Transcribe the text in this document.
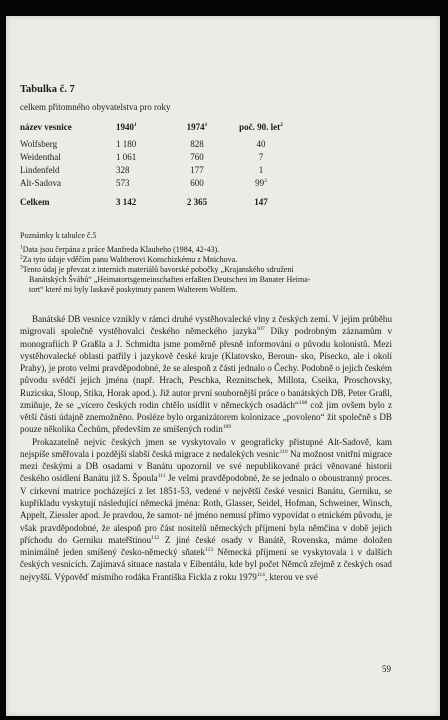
Tabulka č. 7
celkem přítomného obyvatelstva pro roky
název vesnice	1940$^1$	1974$^1$	poč. 90. let$^2$
Wolfsberg	1 180	828	40
Weidenthal	1 061	760	7
Lindenfeld	328	177	1
Alt-Sadova	573	600	$99^3$
Celkem	3 142	2 365	147
Poznámky k tabulce č.5
$^1$Data jsou čerpána z práce Manfreda Klaubeho (1984, 42-43).
$^2$Za tyto údaje vděčím panu Waltherovi Konschizkému z Mnichova.
$^3$Tento údaj je převzat z interních materiálů bavorské pobočky „Krajanského sdružení
Banátských Švábů“ „Heimatortsgemeinschaften erfaßten Deutschen im Banater Heima-
tort“ které mi byly laskavě poskytnuty panem Walterem Wolfem.

Banátské DB vesnice vznikly v rámci druhé vystěhovalecké vlny z českých zemí. V jejím průběhu migrovali společně vystěhovalci českého německého jazyka$^{107}$ Díky podrobným záznamům v monografiích P Graßla a J. Schmidta jsme poměrně přesně informováni o původu kolonistů. Mezi vystěhovalecké oblasti patřily i jazykově české kraje (Klatovsko, Beroun- sko, Písecko, ale i okolí Prahy), je proto velmi pravděpodobné, že se alespoň z části jednalo o Čechy. Podobně o jejich českém původu svědčí jejich jména (např. Hrach, Peschka, Reznitschek, Millota, Cseika, Proschovsky, Ruzicska, Sloup, Stika, Horak apod.). Již autor první souborněјší práce o banátských DB, Peter Graßl, zmiňuje, že se „vícero českých rodin chtělo usídlit v německých osadách“$^{108}$ což jim ovšem bylo z větší části údajně znemožněno. Posléze bylo organizátorem kolonizace „povoleno“ žít společně s DB pouze několika Čechům, především ze smíšených rodin$^{109}$

Prokazatelně nejvíc českých jmen se vyskytovalo v geograficky přístupné Alt-Sadově, kam nejspíše směřovala i pozdější slabší česká migrace z nedalekých vesnic$^{110}$ Na možnost vnitřní migrace mezi českými a DB osadami v Banátu upozornil ve své nepublikované práci věnované historii českého osídlení Banátu již S. Špoula$^{111}$ Je velmi pravděpodobné, že se jednalo o oboustranný proces. V církevní matrice pocházející z let 1851-53, vedené v největší české vesnici Banátu, Gerniku, se kupříkladu vyskytují následující německá jména: Roth, Glasser, Seidel, Hofman, Schweiner, Winsch, Appelt, Ziessler apod. Je pravdou, že samot- né jméno nemusí přímo vypovídat o etnickém původu, je však pravděpodobné, že alespoň pro část nositelů německých příjmení byla němčina v době jejich příchodu do Gerniku mateřštinou$^{112}$ Z jiné české osady v Banátě, Rovenska, máme doložen minimálně jeden smíšený česko-německý sňatek$^{113}$ Německá příjmení se vyskytovala i v dalších českých vesnicích. Zajímavá situace nastala v Eibentálu, kde byl počet Němců zřejmě z českých osad nejvyšší. Výpověď místního rodáka Františka Fickla z roku 1979$^{114}$, kterou ve své

59
